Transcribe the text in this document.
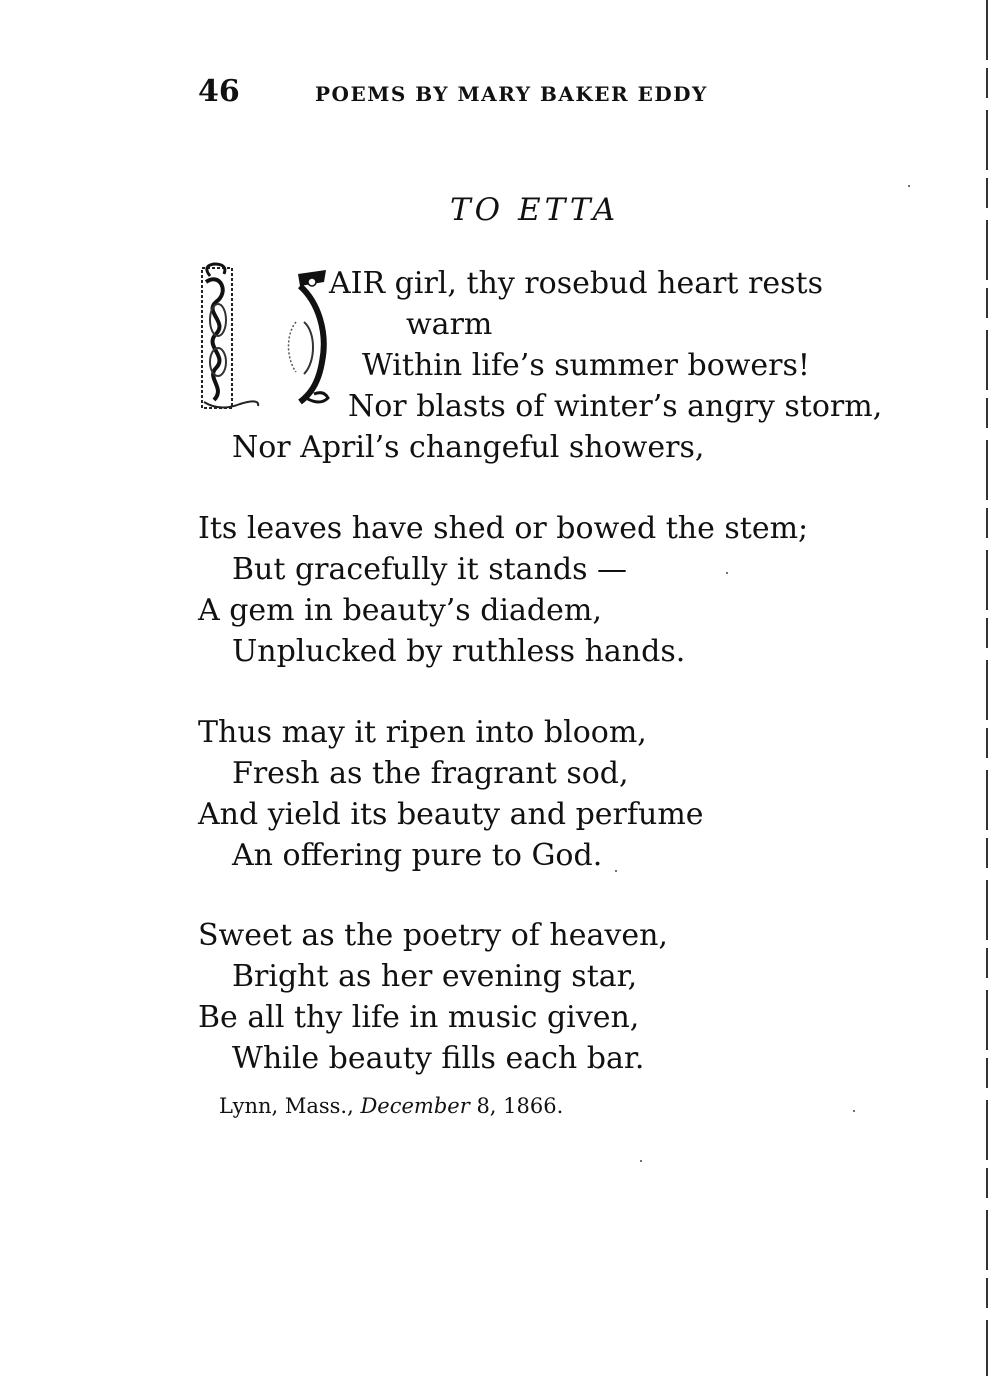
46	POEMS BY MARY BAKER EDDY
TO ETTA
AIR girl, thy rosebud heart rests
warm
Within life’s summer bowers!
Nor blasts of winter’s angry storm,
Nor April’s changeful showers,
Its leaves have shed or bowed the stem;
But gracefully it stands —
A gem in beauty’s diadem,
Unplucked by ruthless hands.
Thus may it ripen into bloom,
Fresh as the fragrant sod,
And yield its beauty and perfume
An offering pure to God.
Sweet as the poetry of heaven,
Bright as her evening star,
Be all thy life in music given,
While beauty fills each bar.
Lynn, Mass., December 8, 1866.
